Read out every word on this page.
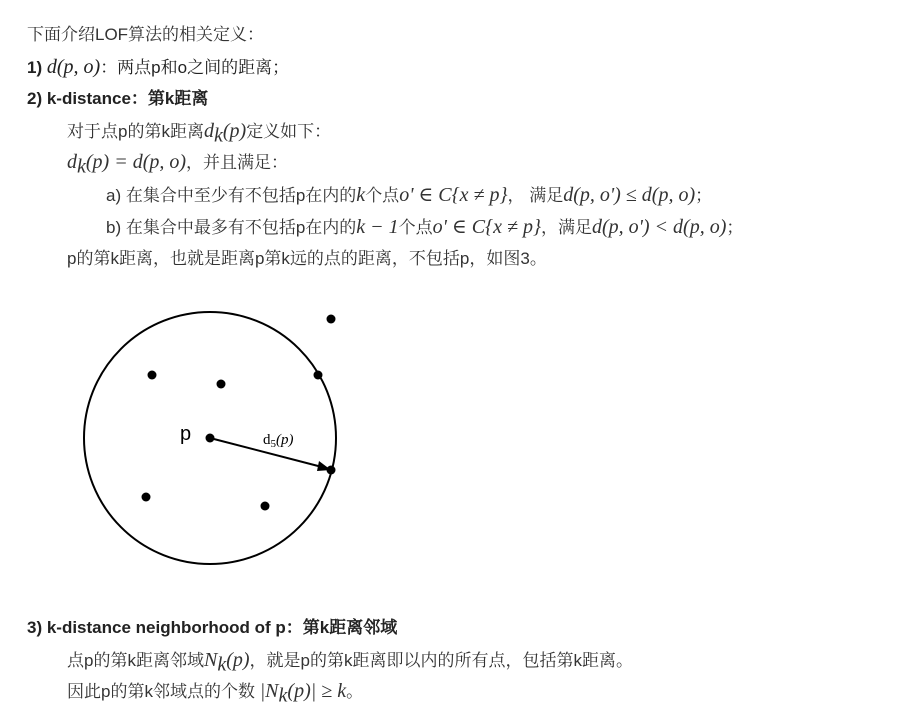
下面介绍LOF算法的相关定义：
1) d(p, o)：两点p和o之间的距离；
2) k-distance：第k距离
对于点p的第k距离$d_k(p)$定义如下：
$d_k(p) = d(p$, o)，并且满足：
a) 在集合中至少有不包括p在内的k个点o' ∈ C{x ≠ p}， 满足d(p, o') ≤ d(p, o)；
b) 在集合中最多有不包括p在内的k − 1个点o' ∈ C{x ≠ p}，满足d(p, o') < d(p, o)；
p的第k距离，也就是距离p第k远的点的距离，不包括p，如图3。
p	$d_5(p)$
3) k-distance neighborhood of p：第k距离邻域
点p的第k距离邻域$N_k(p)$，就是p的第k距离即以内的所有点，包括第k距离。
因此p的第k邻域点的个数 $|N_k(p)| \ge k$。
